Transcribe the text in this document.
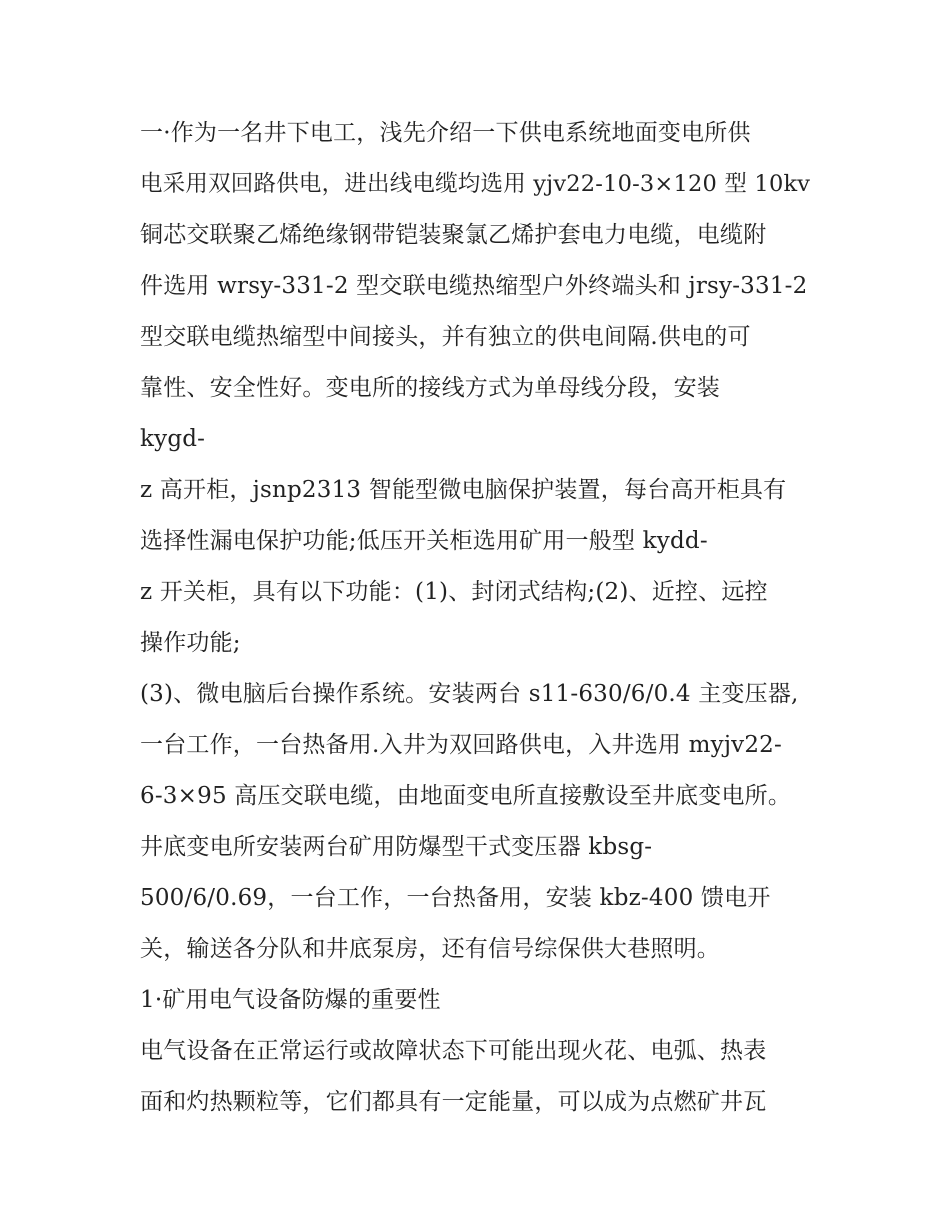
一·作为一名井下电工，浅先介绍一下供电系统地面变电所供
电采用双回路供电，进出线电缆均选用 yjv22-10-3×120 型 10kv
铜芯交联聚乙烯绝缘钢带铠装聚氯乙烯护套电力电缆，电缆附
件选用 wrsy-331-2 型交联电缆热缩型户外终端头和 jrsy-331-2
型交联电缆热缩型中间接头，并有独立的供电间隔.供电的可
靠性、安全性好。变电所的接线方式为单母线分段，安装
kygd-
z 高开柜，jsnp2313 智能型微电脑保护装置，每台高开柜具有
选择性漏电保护功能;低压开关柜选用矿用一般型 kydd-
z 开关柜，具有以下功能：(1)、封闭式结构;(2)、近控、远控
操作功能;
(3)、微电脑后台操作系统。安装两台 s11-630/6/0.4 主变压器,
一台工作，一台热备用.入井为双回路供电，入井选用 myjv22-
6-3×95 高压交联电缆，由地面变电所直接敷设至井底变电所。
井底变电所安装两台矿用防爆型干式变压器 kbsg-
500/6/0.69，一台工作，一台热备用，安装 kbz-400 馈电开
关，输送各分队和井底泵房，还有信号综保供大巷照明。
1·矿用电气设备防爆的重要性
电气设备在正常运行或故障状态下可能出现火花、电弧、热表
面和灼热颗粒等，它们都具有一定能量，可以成为点燃矿井瓦
